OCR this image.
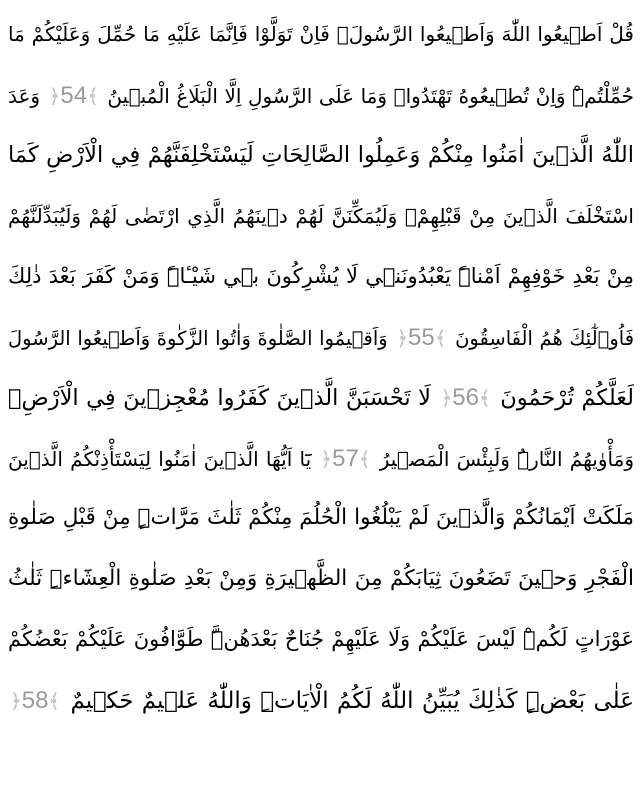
قُلْ اَط۪يعُوا اللّٰهَ وَاَط۪يعُوا الرَّسُولَۚ فَاِنْ تَوَلَّوْا فَاِنَّمَا عَلَيْهِ مَا حُمِّلَ وَعَلَيْكُمْ مَا
حُمِّلْتُمْۜ وَاِنْ تُط۪يعُوهُ تَهْتَدُواۜ وَمَا عَلَى الرَّسُولِ اِلَّا الْبَلَاغُ الْمُب۪ينُ ﴿54﴾ وَعَدَ
اللّٰهُ الَّذ۪ينَ اٰمَنُوا مِنْكُمْ وَعَمِلُوا الصَّالِحَاتِ لَيَسْتَخْلِفَنَّهُمْ فِي الْاَرْضِ كَمَا
اسْتَخْلَفَ الَّذ۪ينَ مِنْ قَبْلِهِمْۖ وَلَيُمَكِّنَنَّ لَهُمْ د۪ينَهُمُ الَّذِي ارْتَضٰى لَهُمْ وَلَيُبَدِّلَنَّهُمْ
مِنْ بَعْدِ خَوْفِهِمْ اَمْناًۜ يَعْبُدُونَن۪ي لَا يُشْرِكُونَ ب۪ي شَيْـٔاًۜ وَمَنْ كَفَرَ بَعْدَ ذٰلِكَ
فَاُو۬لٰٓئِكَ هُمُ الْفَاسِقُونَ ﴿55﴾ وَاَق۪يمُوا الصَّلٰوةَ وَاٰتُوا الزَّكٰوةَ وَاَط۪يعُوا الرَّسُولَ
لَعَلَّكُمْ تُرْحَمُونَ ﴿56﴾ لَا تَحْسَبَنَّ الَّذ۪ينَ كَفَرُوا مُعْجِز۪ينَ فِي الْاَرْضِۚ
وَمَأْوٰيهُمُ النَّارُۜ وَلَبِئْسَ الْمَص۪يرُ ﴿57﴾ يَٓا اَيُّهَا الَّذ۪ينَ اٰمَنُوا لِيَسْتَأْذِنْكُمُ الَّذ۪ينَ
مَلَكَتْ اَيْمَانُكُمْ وَالَّذ۪ينَ لَمْ يَبْلُغُوا الْحُلُمَ مِنْكُمْ ثَلٰثَ مَرَّاتٍۜ مِنْ قَبْلِ صَلٰوةِ
الْفَجْرِ وَح۪ينَ تَضَعُونَ ثِيَابَكُمْ مِنَ الظَّه۪يرَةِ وَمِنْ بَعْدِ صَلٰوةِ الْعِشَٓاءِۜ ثَلٰثُ
عَوْرَاتٍ لَكُمْۜ لَيْسَ عَلَيْكُمْ وَلَا عَلَيْهِمْ جُنَاحٌ بَعْدَهُنَّۜ طَوَّافُونَ عَلَيْكُمْ بَعْضُكُمْ
عَلٰى بَعْضٍۜ كَذٰلِكَ يُبَيِّنُ اللّٰهُ لَكُمُ الْاٰيَاتِۜ وَاللّٰهُ عَل۪يمٌ حَك۪يمٌ ﴿58﴾
